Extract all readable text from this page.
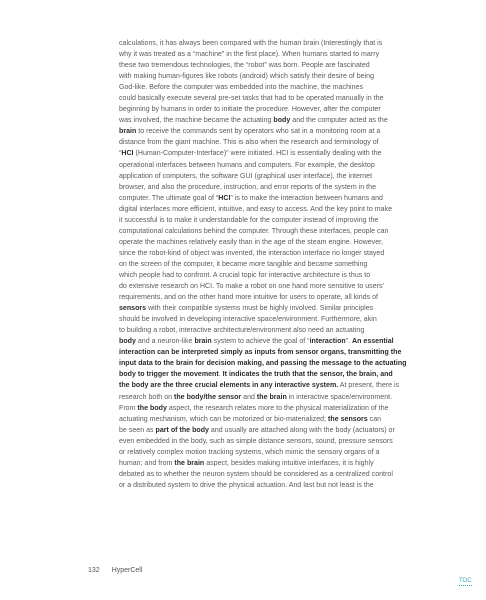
calculations, it has always been compared with the human brain (Interestingly that is

why it was treated as a “machine” in the first place). When humans started to marry

these two tremendous technologies, the “robot” was born. People are fascinated

with making human-figures like robots (android) which satisfy their desire of being

God-like. Before the computer was embedded into the machine, the machines

could basically execute several pre-set tasks that had to be operated manually in the

beginning by humans in order to initiate the procedure. However, after the computer

was involved, the machine became the actuating body and the computer acted as the

brain to receive the commands sent by operators who sat in a monitoring room at a

distance from the giant machine. This is also when the research and terminology of

“HCI (Human-Computer-Interface)” were initiated. HCI is essentially dealing with the

operational interfaces between humans and computers. For example, the desktop

application of computers, the software GUI (graphical user interface), the internet

browser, and also the procedure, instruction, and error reports of the system in the

computer. The ultimate goal of “HCI” is to make the interaction between humans and

digital interfaces more efficient, intuitive, and easy to access. And the key point to make

it successful is to make it understandable for the computer instead of improving the

computational calculations behind the computer. Through these interfaces, people can

operate the machines relatively easily than in the age of the steam engine. However,

since the robot-kind of object was invented, the interaction interface no longer stayed

on the screen of the computer, it became more tangible and became something

which people had to confront. A crucial topic for interactive architecture is thus to

do extensive research on HCI. To make a robot on one hand more sensitive to users’

requirements, and on the other hand more intuitive for users to operate, all kinds of

sensors with their compatible systems must be highly involved. Similar principles

should be involved in developing interactive space/environment. Furthermore, akin

to building a robot, interactive architecture/environment also need an actuating

body and a neuron-like brain system to achieve the goal of “interaction”. An essential

interaction can be interpreted simply as inputs from sensor organs, transmitting the

input data to the brain for decision making, and passing the message to the actuating

body to trigger the movement. It indicates the truth that the sensor, the brain, and

the body are the three crucial elements in any interactive system. At present, there is

research both on the body/the sensor and the brain in interactive space/environment.

From the body aspect, the research relates more to the physical materialization of the

actuating mechanism, which can be motorized or bio-materialized; the sensors can

be seen as part of the body and usually are attached along with the body (actuators) or

even embedded in the body, such as simple distance sensors, sound, pressure sensors

or relatively complex motion tracking systems, which mimic the sensory organs of a

human; and from the brain aspect, besides making intuitive interfaces, it is highly

debated as to whether the neuron system should be considered as a centralized control

or a distributed system to drive the physical actuation. And last but not least is the

132 HyperCell
TOC
